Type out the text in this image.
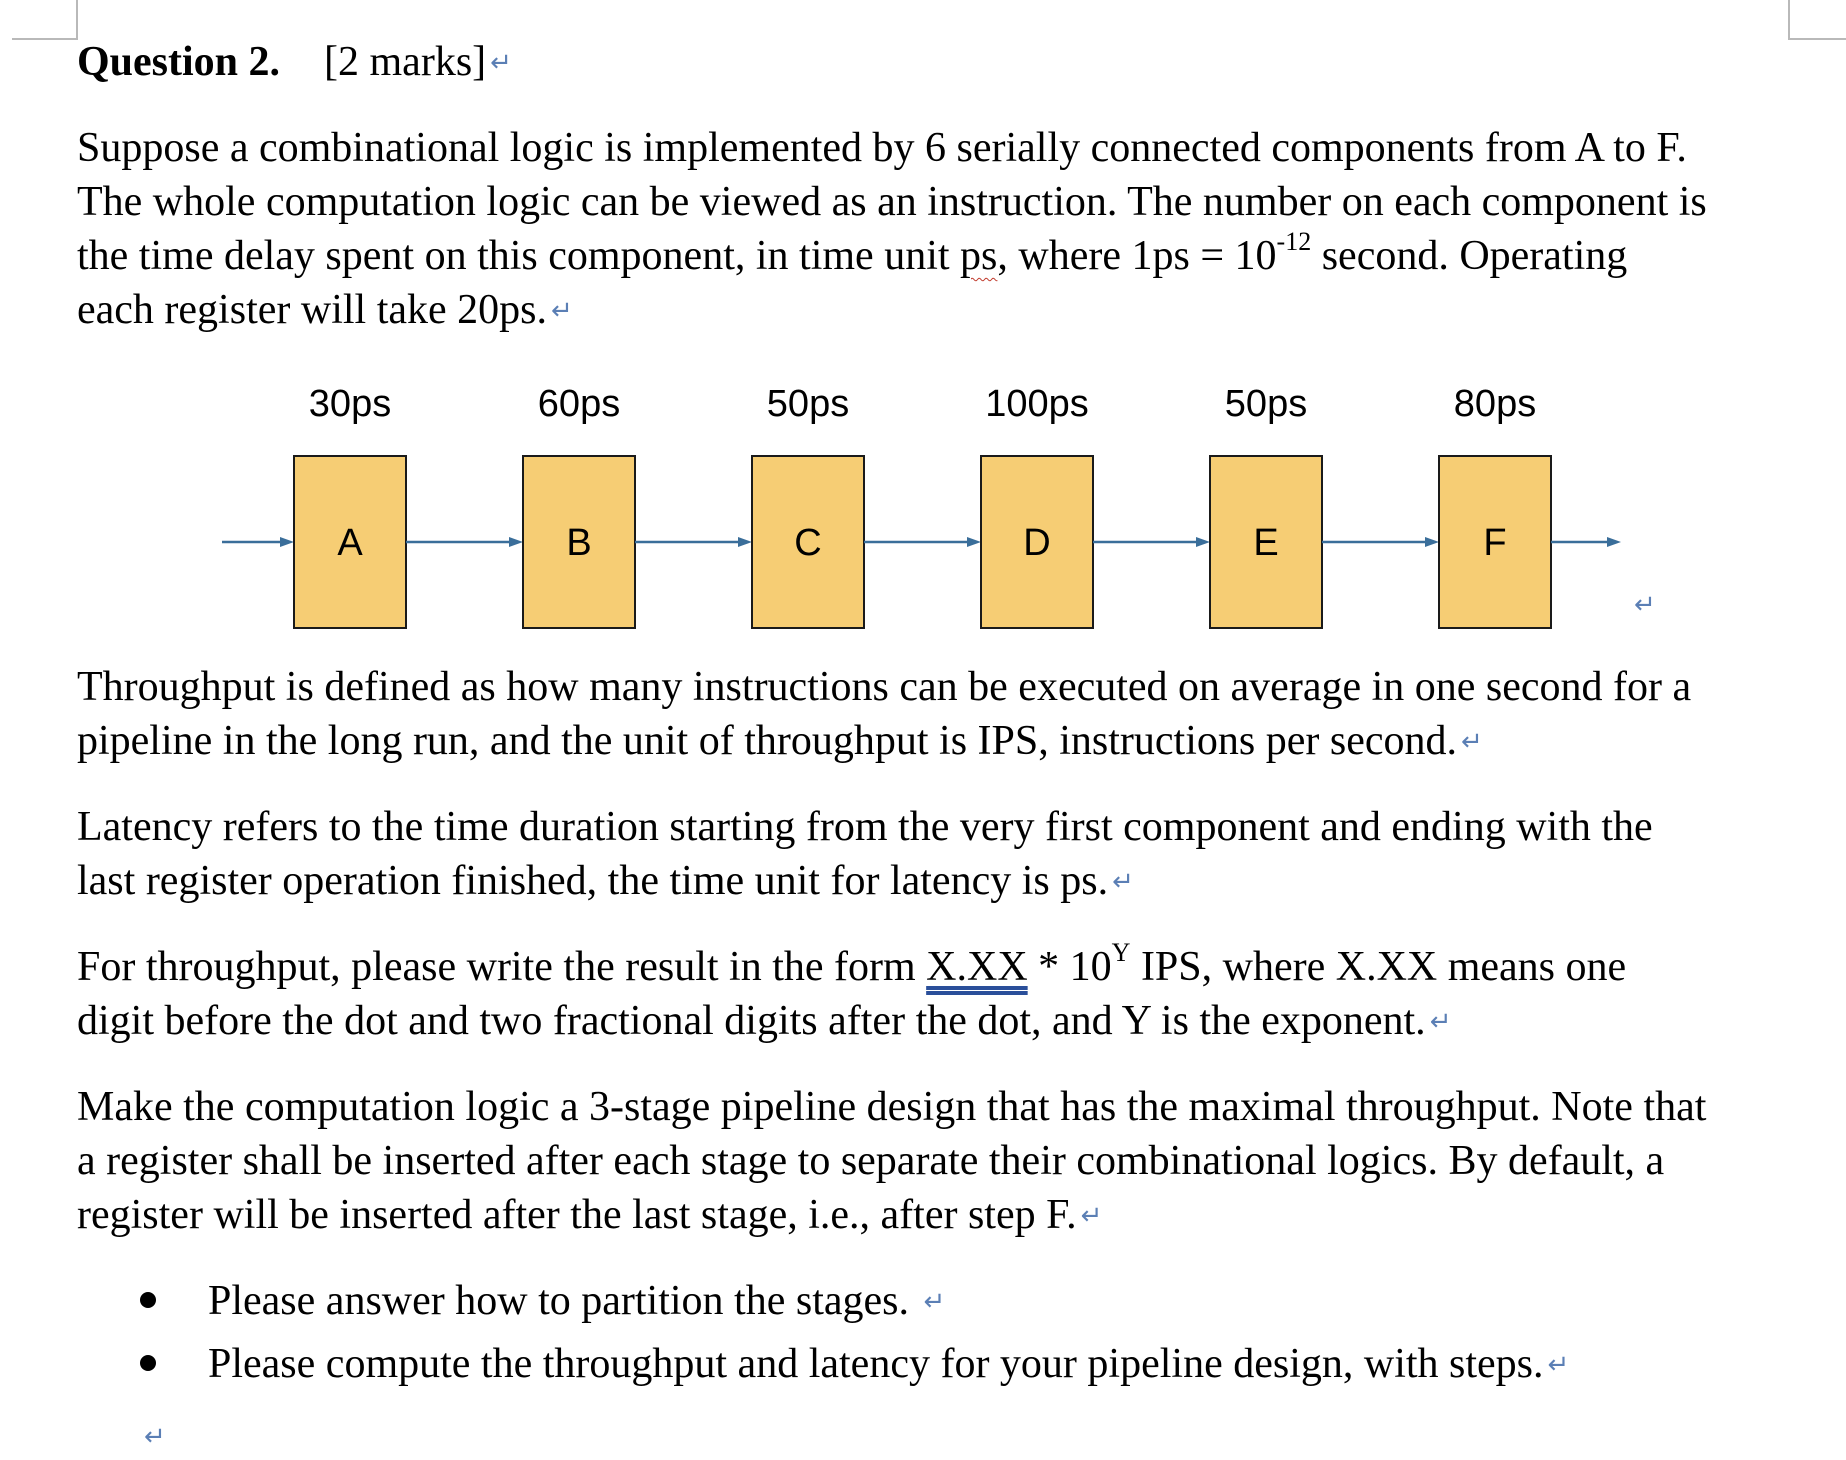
Question 2. [2 marks] ↵

Suppose a combinational logic is implemented by 6 serially connected components from A to F.
The whole computation logic can be viewed as an instruction. The number on each component is
the time delay spent on this component, in time unit ps, where $1ps = 10^{-12}$ second. Operating
each register will take 20ps. ↵

30ps
A
60ps
B
50ps
C
100ps
D
50ps
E
80ps
F
↵

Throughput is defined as how many instructions can be executed on average in one second for a
pipeline in the long run, and the unit of throughput is IPS, instructions per second. ↵

Latency refers to the time duration starting from the very first component and ending with the
last register operation finished, the time unit for latency is ps. ↵

For throughput, please write the result in the form $X.XX * 10^Y$ IPS, where X.XX means one
digit before the dot and two fractional digits after the dot, and Y is the exponent. ↵

Make the computation logic a 3-stage pipeline design that has the maximal throughput. Note that
a register shall be inserted after each stage to separate their combinational logics. By default, a
register will be inserted after the last stage, i.e., after step F. ↵

Please answer how to partition the stages. ↵
Please compute the throughput and latency for your pipeline design, with steps. ↵
↵
